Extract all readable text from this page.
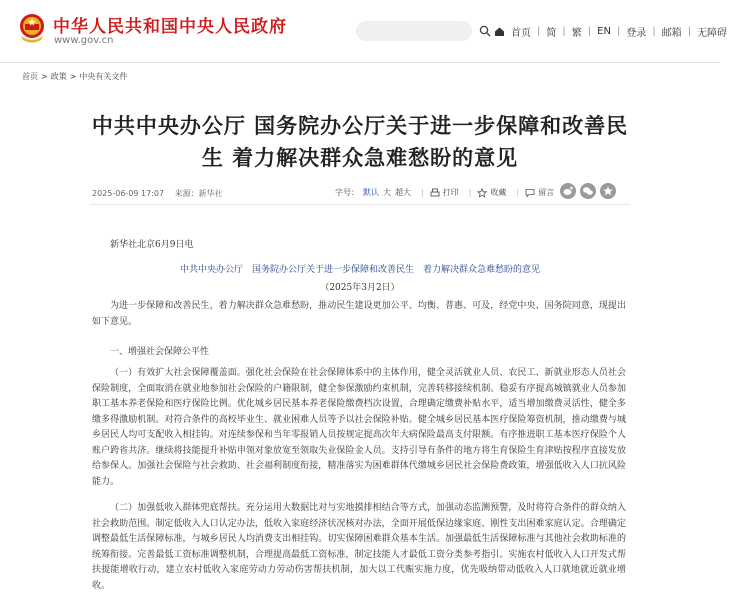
中华人民共和国中央人民政府
www.gov.cn
首页 | 简 | 繁 | EN | 登录 | 邮箱 | 无障碍
首页 > 政策 > 中央有关文件
中共中央办公厅 国务院办公厅关于进一步保障和改善民
生 着力解决群众急难愁盼的意见
2025-06-09 17:07 来源：新华社	字号： 默认 大 超大 | 打印 | 收藏 | 留言
新华社北京6月9日电
中共中央办公厅　国务院办公厅关于进一步保障和改善民生　着力解决群众急难愁盼的意见
（2025年3月2日）
为进一步保障和改善民生，着力解决群众急难愁盼，推动民生建设更加公平、均衡、普惠、可及，经党中央、国务院同意，现提出如下意见。
一、增强社会保障公平性
（一）有效扩大社会保障覆盖面。强化社会保险在社会保障体系中的主体作用，健全灵活就业人员、农民工、新就业形态人员社会保险制度，全面取消在就业地参加社会保险的户籍限制，健全参保激励约束机制，完善转移接续机制。稳妥有序提高城镇就业人员参加职工基本养老保险和医疗保险比例。优化城乡居民基本养老保险缴费档次设置，合理确定缴费补贴水平，适当增加缴费灵活性，健全多缴多得激励机制。对符合条件的高校毕业生、就业困难人员等予以社会保险补贴。健全城乡居民基本医疗保险筹资机制，推动缴费与城乡居民人均可支配收入相挂钩。对连续参保和当年零报销人员按规定提高次年大病保险最高支付限额。有序推进职工基本医疗保险个人账户跨省共济。继续将技能提升补贴申领对象放宽至领取失业保险金人员。支持引导有条件的地方将生育保险生育津贴按程序直接发放给参保人。加强社会保险与社会救助、社会福利制度衔接，精准落实为困难群体代缴城乡居民社会保险费政策，增强低收入人口抗风险能力。
（二）加强低收入群体兜底帮扶。充分运用大数据比对与实地摸排相结合等方式，加强动态监测预警，及时将符合条件的群众纳入社会救助范围。制定低收入人口认定办法，低收入家庭经济状况核对办法，全面开展低保边缘家庭、刚性支出困难家庭认定。合理确定调整最低生活保障标准，与城乡居民人均消费支出相挂钩。切实保障困难群众基本生活。加强最低生活保障标准与其他社会救助标准的统筹衔接。完善最低工资标准调整机制，合理提高最低工资标准，制定技能人才最低工资分类参考指引。实施农村低收入人口开发式帮扶提能增收行动，建立农村低收入家庭劳动力劳动伤害帮扶机制，加大以工代赈实施力度，优先吸纳带动低收入人口就地就近就业增收。
